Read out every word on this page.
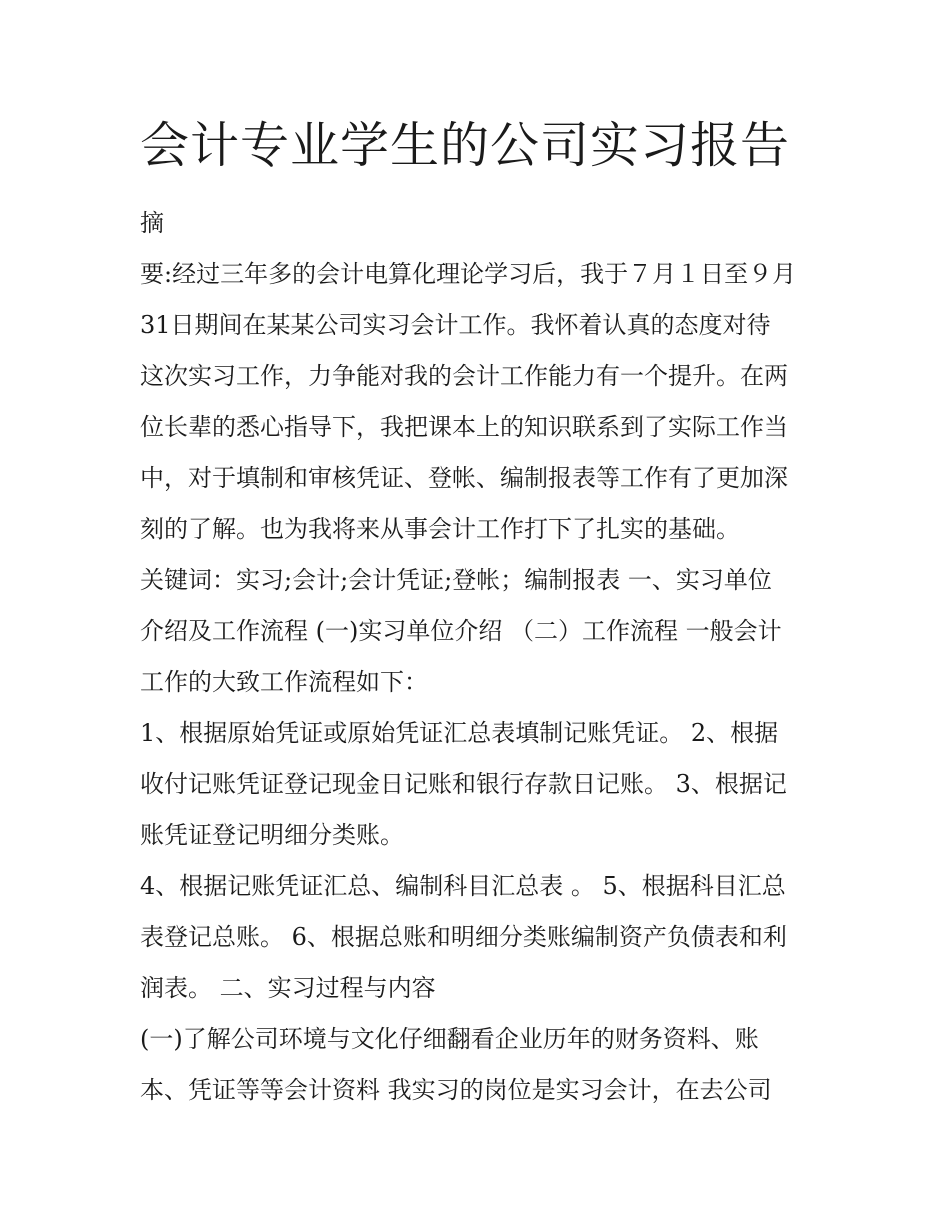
会计专业学生的公司实习报告

摘

要:经过三年多的会计电算化理论学习后，我于７月１日至９月

31日期间在某某公司实习会计工作。我怀着认真的态度对待

这次实习工作，力争能对我的会计工作能力有一个提升。在两

位长辈的悉心指导下，我把课本上的知识联系到了实际工作当

中，对于填制和审核凭证、登帐、编制报表等工作有了更加深

刻的了解。也为我将来从事会计工作打下了扎实的基础。

关键词：实习;会计;会计凭证;登帐；编制报表 一、实习单位

介绍及工作流程 (一)实习单位介绍 （二）工作流程 一般会计

工作的大致工作流程如下：

1、根据原始凭证或原始凭证汇总表填制记账凭证。 2、根据

收付记账凭证登记现金日记账和银行存款日记账。 3、根据记

账凭证登记明细分类账。

4、根据记账凭证汇总、编制科目汇总表 。 5、根据科目汇总

表登记总账。 6、根据总账和明细分类账编制资产负债表和利

润表。 二、实习过程与内容

(一)了解公司环境与文化仔细翻看企业历年的财务资料、账

本、凭证等等会计资料 我实习的岗位是实习会计，在去公司
